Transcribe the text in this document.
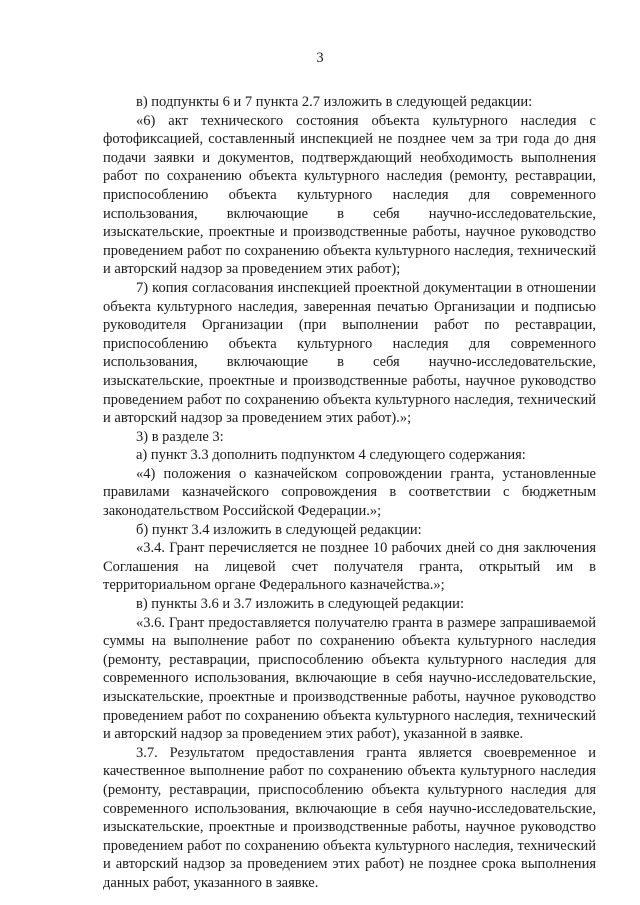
3

в) подпункты 6 и 7 пункта 2.7 изложить в следующей редакции:

«6) акт технического состояния объекта культурного наследия с фотофиксацией, составленный инспекцией не позднее чем за три года до дня подачи заявки и документов, подтверждающий необходимость выполнения работ по сохранению объекта культурного наследия (ремонту, реставрации, приспособлению объекта культурного наследия для современного использования, включающие в себя научно-исследовательские, изыскательские, проектные и производственные работы, научное руководство проведением работ по сохранению объекта культурного наследия, технический и авторский надзор за проведением этих работ);

7) копия согласования инспекцией проектной документации в отношении объекта культурного наследия, заверенная печатью Организации и подписью руководителя Организации (при выполнении работ по реставрации, приспособлению объекта культурного наследия для современного использования, включающие в себя научно-исследовательские, изыскательские, проектные и производственные работы, научное руководство проведением работ по сохранению объекта культурного наследия, технический и авторский надзор за проведением этих работ).»;

3) в разделе 3:

а) пункт 3.3 дополнить подпунктом 4 следующего содержания:

«4) положения о казначейском сопровождении гранта, установленные правилами казначейского сопровождения в соответствии с бюджетным законодательством Российской Федерации.»;

б) пункт 3.4 изложить в следующей редакции:

«3.4. Грант перечисляется не позднее 10 рабочих дней со дня заключения Соглашения на лицевой счет получателя гранта, открытый им в территориальном органе Федерального казначейства.»;

в) пункты 3.6 и 3.7 изложить в следующей редакции:

«3.6. Грант предоставляется получателю гранта в размере запрашиваемой суммы на выполнение работ по сохранению объекта культурного наследия (ремонту, реставрации, приспособлению объекта культурного наследия для современного использования, включающие в себя научно-исследовательские, изыскательские, проектные и производственные работы, научное руководство проведением работ по сохранению объекта культурного наследия, технический и авторский надзор за проведением этих работ), указанной в заявке.

3.7. Результатом предоставления гранта является своевременное и качественное выполнение работ по сохранению объекта культурного наследия (ремонту, реставрации, приспособлению объекта культурного наследия для современного использования, включающие в себя научно-исследовательские, изыскательские, проектные и производственные работы, научное руководство проведением работ по сохранению объекта культурного наследия, технический и авторский надзор за проведением этих работ) не позднее срока выполнения данных работ, указанного в заявке.
